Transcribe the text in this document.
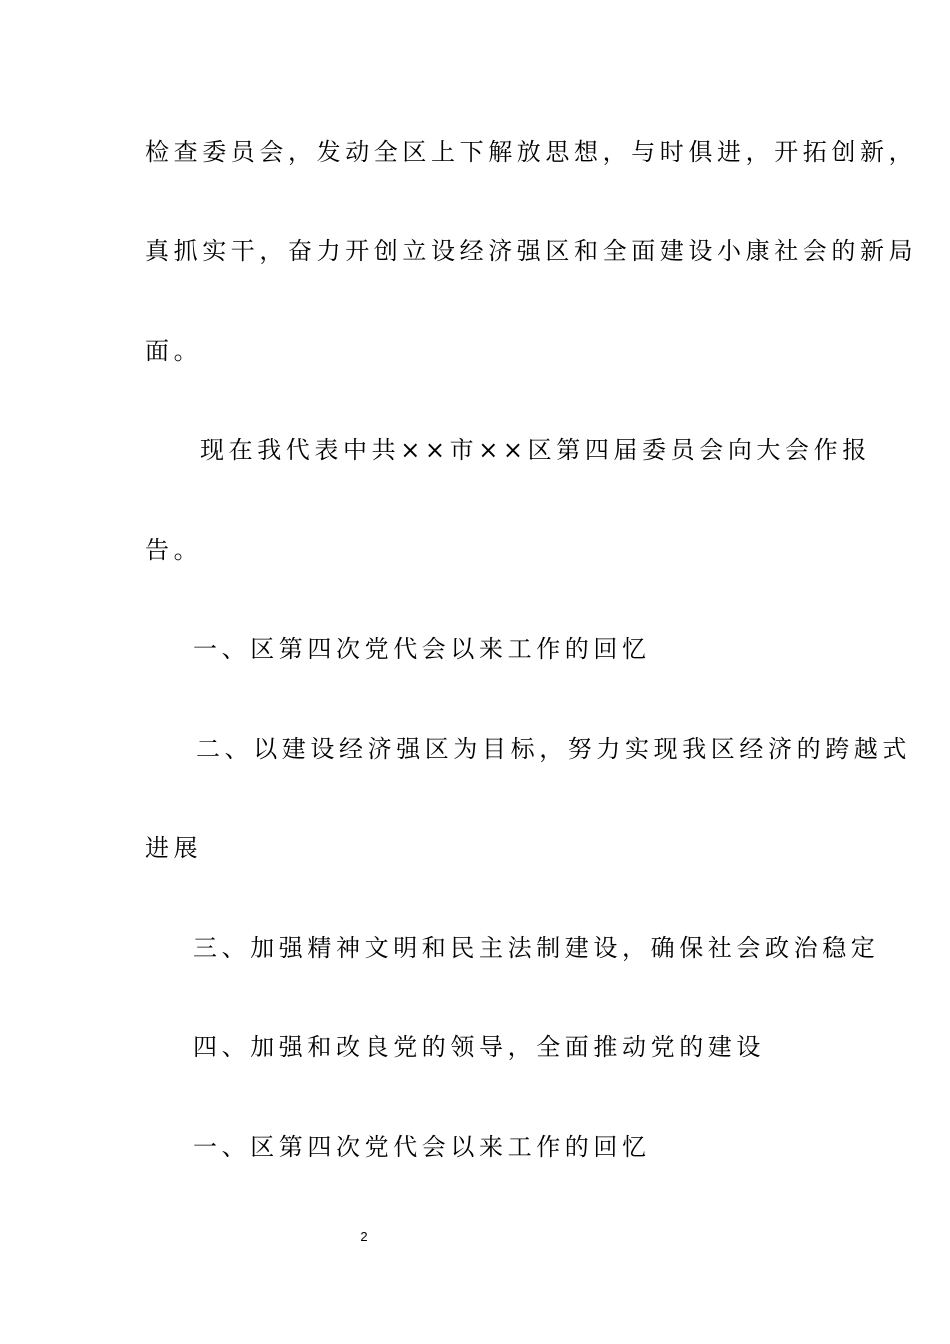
检查委员会，发动全区上下解放思想，与时俱进，开拓创新，
真抓实干，奋力开创立设经济强区和全面建设小康社会的新局
面。
现在我代表中共××市××区第四届委员会向大会作报
告。
一、区第四次党代会以来工作的回忆
二、以建设经济强区为目标，努力实现我区经济的跨越式
进展
三、加强精神文明和民主法制建设，确保社会政治稳定
四、加强和改良党的领导，全面推动党的建设
一、区第四次党代会以来工作的回忆
2
